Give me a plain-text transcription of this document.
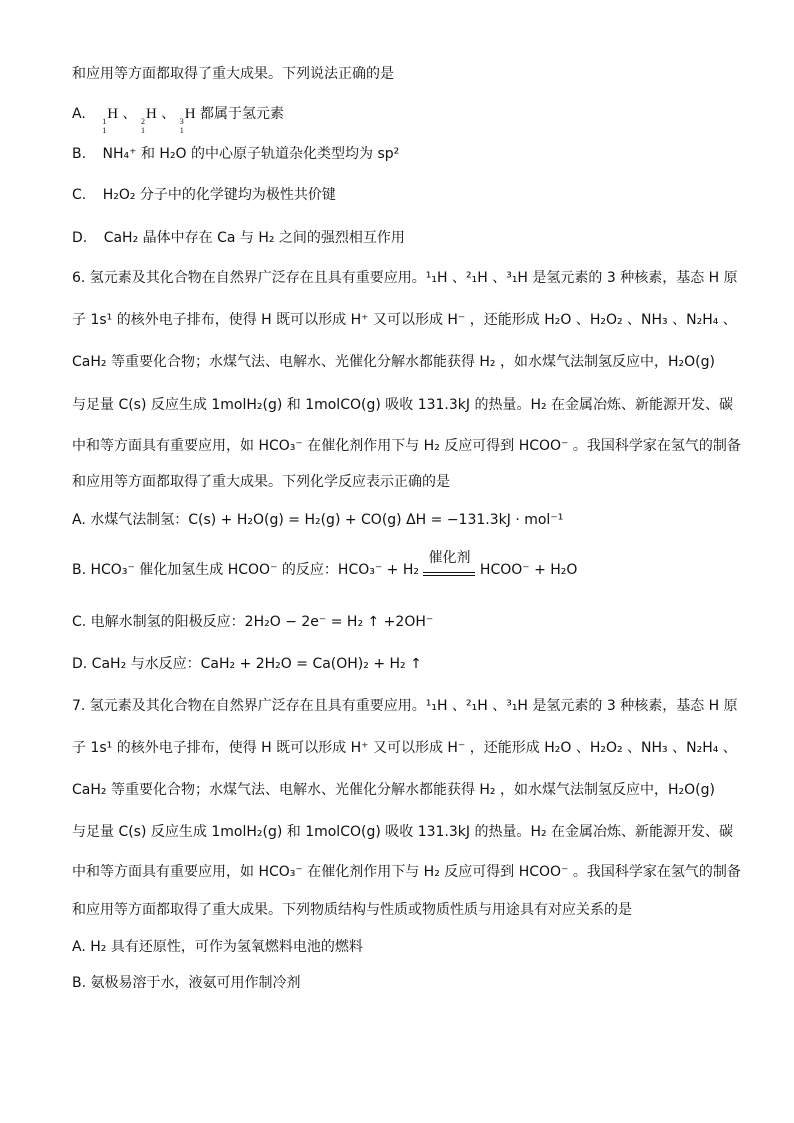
和应用等方面都取得了重大成果。下列说法正确的是
A. 1
1
H 、 2
1
H 、 3
1
H 都属于氢元素
B. NH₄⁺ 和 H₂O 的中心原子轨道杂化类型均为 sp²
C. H₂O₂ 分子中的化学键均为极性共价键
D. CaH₂ 晶体中存在 Ca 与 H₂ 之间的强烈相互作用
6. 氢元素及其化合物在自然界广泛存在且具有重要应用。¹₁H 、²₁H 、³₁H 是氢元素的 3 种核素，基态 H 原
子 1s¹ 的核外电子排布，使得 H 既可以形成 H⁺ 又可以形成 H⁻ ，还能形成 H₂O 、H₂O₂ 、NH₃ 、N₂H₄ 、
CaH₂ 等重要化合物；水煤气法、电解水、光催化分解水都能获得 H₂ ，如水煤气法制氢反应中，H₂O(g)
与足量 C(s) 反应生成 1molH₂(g) 和 1molCO(g) 吸收 131.3kJ 的热量。H₂ 在金属冶炼、新能源开发、碳
中和等方面具有重要应用，如 HCO₃⁻ 在催化剂作用下与 H₂ 反应可得到 HCOO⁻ 。我国科学家在氢气的制备
和应用等方面都取得了重大成果。下列化学反应表示正确的是
A. 水煤气法制氢：C(s) + H₂O(g) = H₂(g) + CO(g) ΔH = −131.3kJ · mol⁻¹
B. HCO₃⁻ 催化加氢生成 HCOO⁻ 的反应：HCO₃⁻ + H₂
催化剂
HCOO⁻ + H₂O
C. 电解水制氢的阳极反应：2H₂O − 2e⁻ = H₂ ↑ +2OH⁻
D. CaH₂ 与水反应：CaH₂ + 2H₂O = Ca(OH)₂ + H₂ ↑
7. 氢元素及其化合物在自然界广泛存在且具有重要应用。¹₁H 、²₁H 、³₁H 是氢元素的 3 种核素，基态 H 原
子 1s¹ 的核外电子排布，使得 H 既可以形成 H⁺ 又可以形成 H⁻ ，还能形成 H₂O 、H₂O₂ 、NH₃ 、N₂H₄ 、
CaH₂ 等重要化合物；水煤气法、电解水、光催化分解水都能获得 H₂ ，如水煤气法制氢反应中，H₂O(g)
与足量 C(s) 反应生成 1molH₂(g) 和 1molCO(g) 吸收 131.3kJ 的热量。H₂ 在金属冶炼、新能源开发、碳
中和等方面具有重要应用，如 HCO₃⁻ 在催化剂作用下与 H₂ 反应可得到 HCOO⁻ 。我国科学家在氢气的制备
和应用等方面都取得了重大成果。下列物质结构与性质或物质性质与用途具有对应关系的是
A. H₂ 具有还原性，可作为氢氧燃料电池的燃料
B. 氨极易溶于水，液氨可用作制冷剂
